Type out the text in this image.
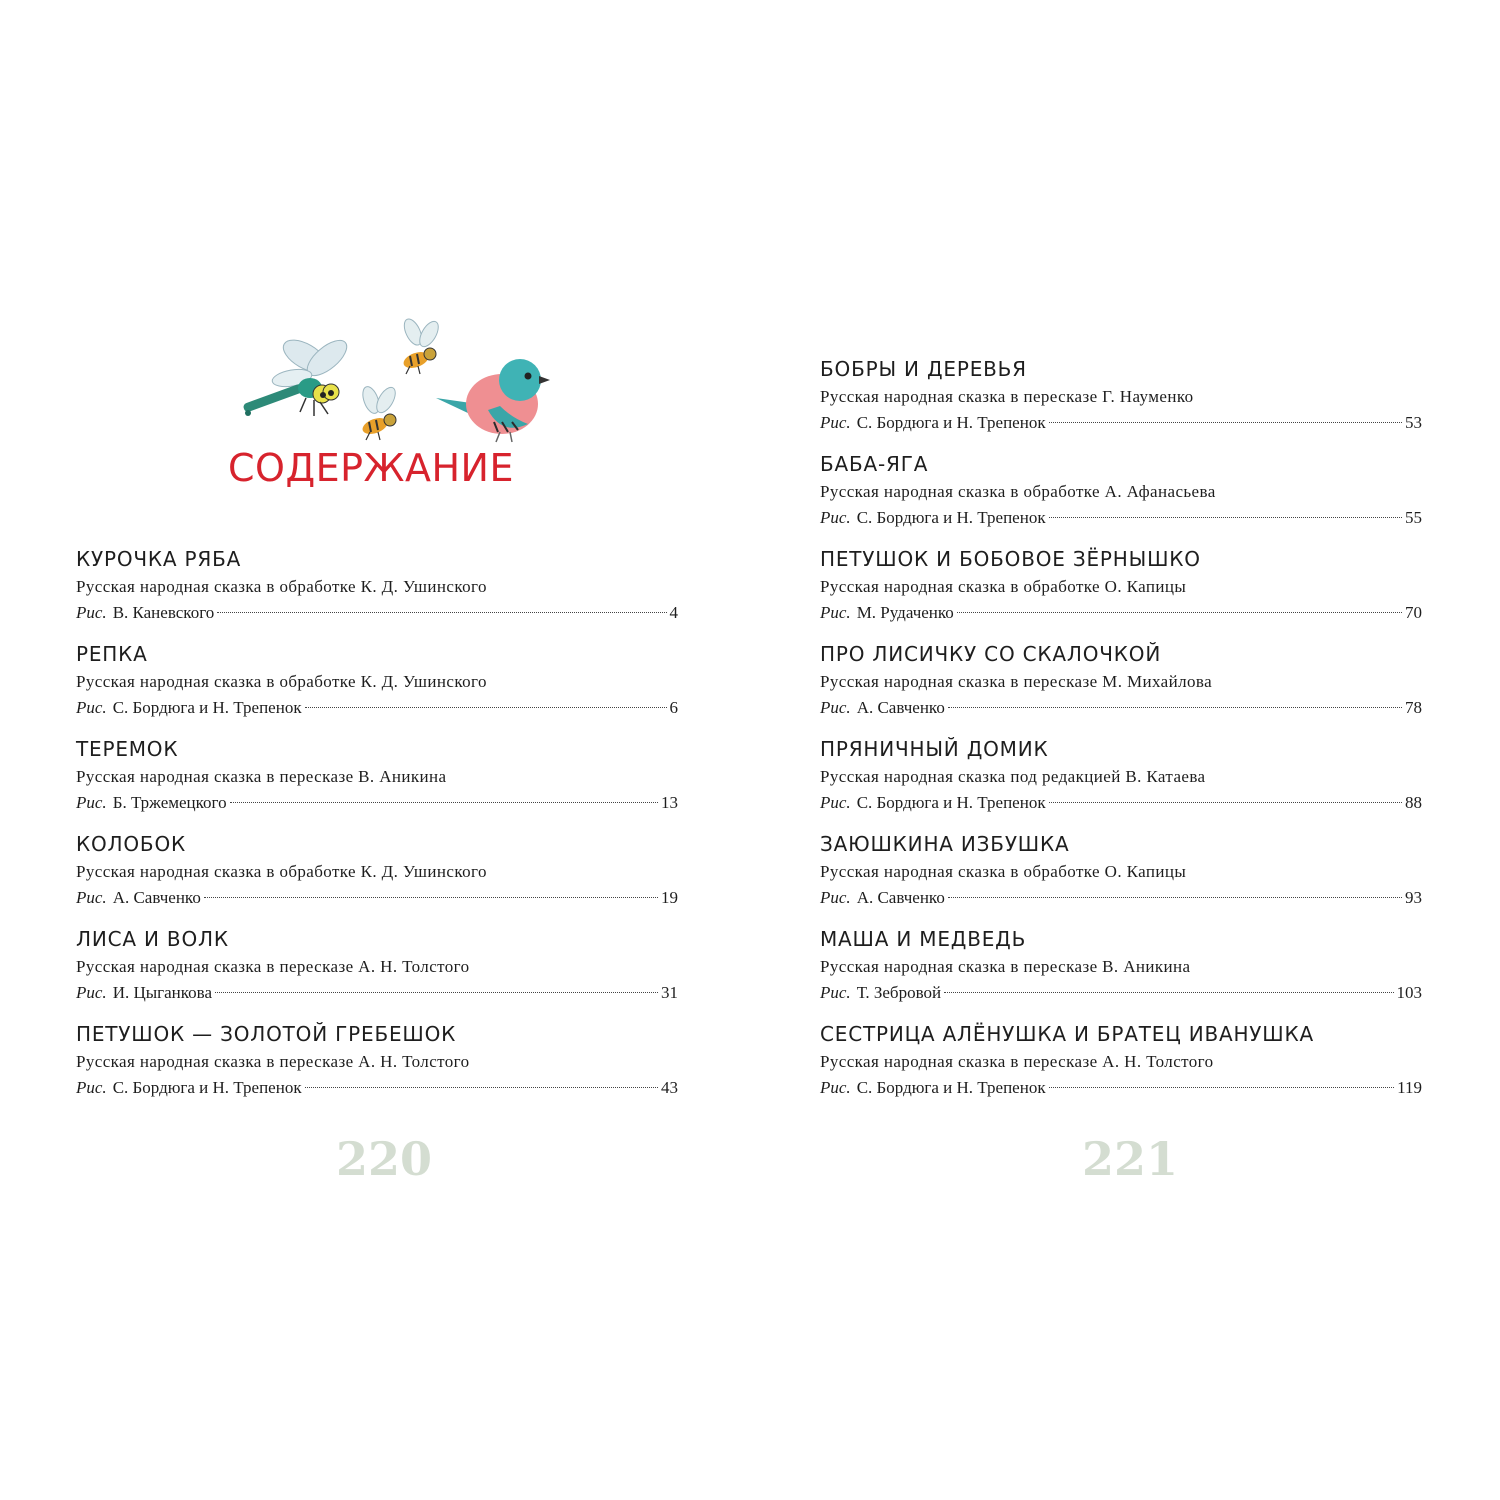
СОДЕРЖАНИЕ
КУРОЧКА РЯБА
Русская народная сказка в обработке К. Д. Ушинского
Рис. В. Каневского	4
РЕПКА
Русская народная сказка в обработке К. Д. Ушинского
Рис. С. Бордюга и Н. Трепенок	6
ТЕРЕМОК
Русская народная сказка в пересказе В. Аникина
Рис. Б. Тржемецкого	13
КОЛОБОК
Русская народная сказка в обработке К. Д. Ушинского
Рис. А. Савченко	19
ЛИСА И ВОЛК
Русская народная сказка в пересказе А. Н. Толстого
Рис. И. Цыганкова	31
ПЕТУШОК — ЗОЛОТОЙ ГРЕБЕШОК
Русская народная сказка в пересказе А. Н. Толстого
Рис. С. Бордюга и Н. Трепенок	43
220
БОБРЫ И ДЕРЕВЬЯ
Русская народная сказка в пересказе Г. Науменко
Рис. С. Бордюга и Н. Трепенок	53
БАБА-ЯГА
Русская народная сказка в обработке А. Афанасьева
Рис. С. Бордюга и Н. Трепенок	55
ПЕТУШОК И БОБОВОЕ ЗЁРНЫШКО
Русская народная сказка в обработке О. Капицы
Рис. М. Рудаченко	70
ПРО ЛИСИЧКУ СО СКАЛОЧКОЙ
Русская народная сказка в пересказе М. Михайлова
Рис. А. Савченко	78
ПРЯНИЧНЫЙ ДОМИК
Русская народная сказка под редакцией В. Катаева
Рис. С. Бордюга и Н. Трепенок	88
ЗАЮШКИНА ИЗБУШКА
Русская народная сказка в обработке О. Капицы
Рис. А. Савченко	93
МАША И МЕДВЕДЬ
Русская народная сказка в пересказе В. Аникина
Рис. Т. Зебровой	103
СЕСТРИЦА АЛЁНУШКА И БРАТЕЦ ИВАНУШКА
Русская народная сказка в пересказе А. Н. Толстого
Рис. С. Бордюга и Н. Трепенок	119
221
